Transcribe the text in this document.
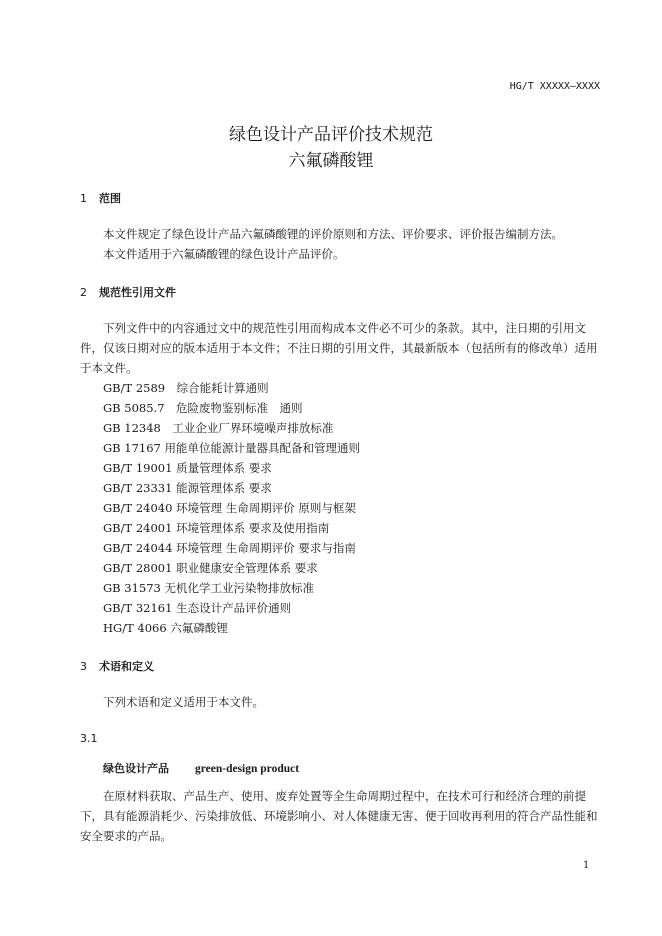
HG/T XXXXX—XXXX
绿色设计产品评价技术规范
六氟磷酸锂
1 范围

本文件规定了绿色设计产品六氟磷酸锂的评价原则和方法、评价要求、评价报告编制方法。

本文件适用于六氟磷酸锂的绿色设计产品评价。

2 规范性引用文件

下列文件中的内容通过文中的规范性引用而构成本文件必不可少的条款。其中，注日期的引用文件，仅该日期对应的版本适用于本文件；不注日期的引用文件，其最新版本（包括所有的修改单）适用于本文件。

GB/T 2589　综合能耗计算通则
GB 5085.7　危险废物鉴别标准　通则
GB 12348　工业企业厂界环境噪声排放标准
GB 17167 用能单位能源计量器具配备和管理通则
GB/T 19001 质量管理体系 要求
GB/T 23331 能源管理体系 要求
GB/T 24040 环境管理 生命周期评价 原则与框架
GB/T 24001 环境管理体系 要求及使用指南
GB/T 24044 环境管理 生命周期评价 要求与指南
GB/T 28001 职业健康安全管理体系 要求
GB 31573 无机化学工业污染物排放标准
GB/T 32161 生态设计产品评价通则
HG/T 4066 六氟磷酸锂
3 术语和定义
下列术语和定义适用于本文件。
3.1
绿色设计产品 green-design product

在原材料获取、产品生产、使用、废弃处置等全生命周期过程中，在技术可行和经济合理的前提下，具有能源消耗少、污染排放低、环境影响小、对人体健康无害、便于回收再利用的符合产品性能和安全要求的产品。

1
